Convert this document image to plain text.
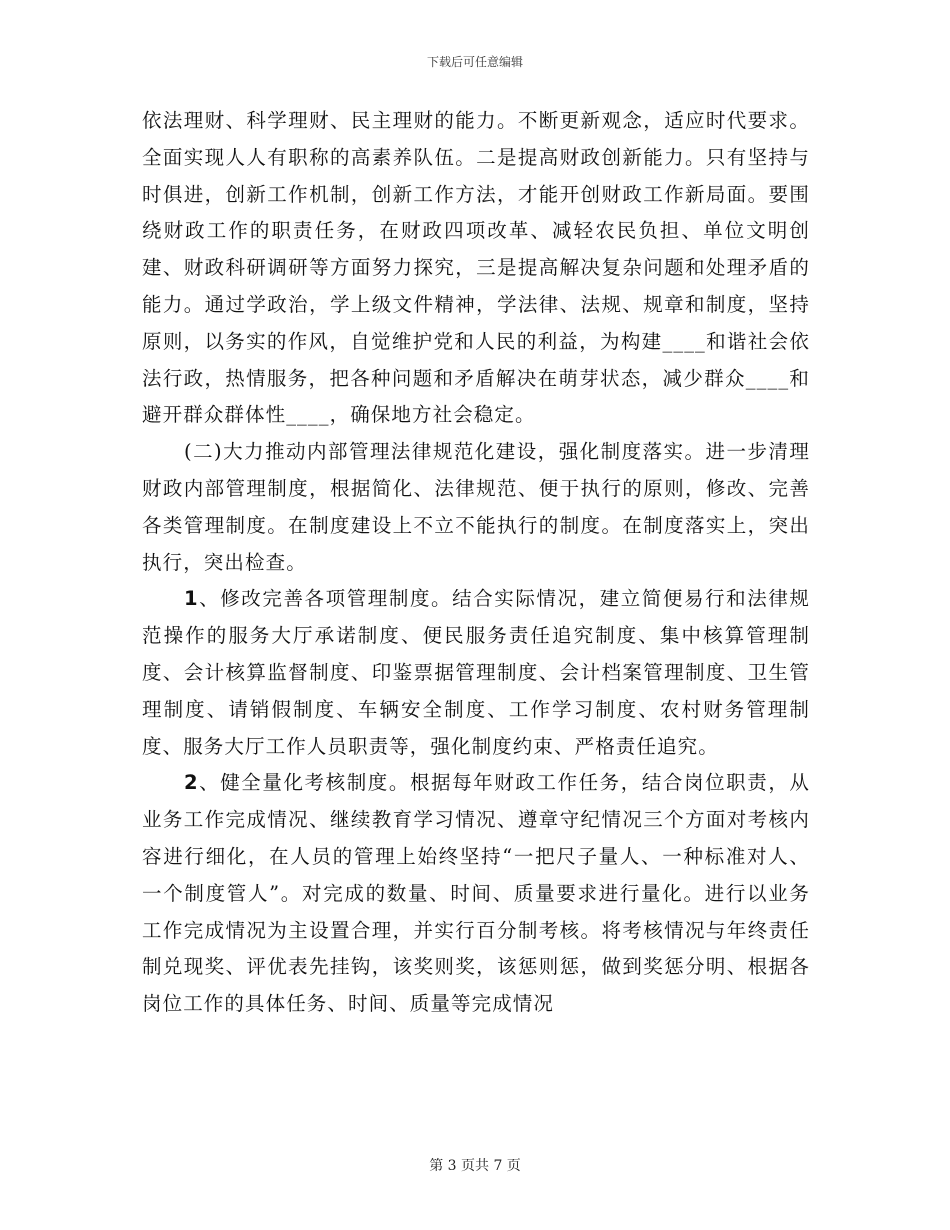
下载后可任意编辑

依法理财、科学理财、民主理财的能力。不断更新观念，适应时代要求。全面实现人人有职称的高素养队伍。二是提高财政创新能力。只有坚持与时俱进，创新工作机制，创新工作方法，才能开创财政工作新局面。要围绕财政工作的职责任务，在财政四项改革、减轻农民负担、单位文明创建、财政科研调研等方面努力探究，三是提高解决复杂问题和处理矛盾的能力。通过学政治，学上级文件精神，学法律、法规、规章和制度，坚持原则，以务实的作风，自觉维护党和人民的利益，为构建____和谐社会依法行政，热情服务，把各种问题和矛盾解决在萌芽状态，减少群众____和避开群众群体性____，确保地方社会稳定。

(二)大力推动内部管理法律规范化建设，强化制度落实。进一步清理财政内部管理制度，根据简化、法律规范、便于执行的原则，修改、完善各类管理制度。在制度建设上不立不能执行的制度。在制度落实上，突出执行，突出检查。

1、修改完善各项管理制度。结合实际情况，建立简便易行和法律规范操作的服务大厅承诺制度、便民服务责任追究制度、集中核算管理制度、会计核算监督制度、印鉴票据管理制度、会计档案管理制度、卫生管理制度、请销假制度、车辆安全制度、工作学习制度、农村财务管理制度、服务大厅工作人员职责等，强化制度约束、严格责任追究。

2、健全量化考核制度。根据每年财政工作任务，结合岗位职责，从业务工作完成情况、继续教育学习情况、遵章守纪情况三个方面对考核内容进行细化，在人员的管理上始终坚持“一把尺子量人、一种标准对人、一个制度管人”。对完成的数量、时间、质量要求进行量化。进行以业务工作完成情况为主设置合理，并实行百分制考核。将考核情况与年终责任制兑现奖、评优表先挂钩，该奖则奖，该惩则惩，做到奖惩分明、根据各岗位工作的具体任务、时间、质量等完成情况

第 3 页共 7 页
